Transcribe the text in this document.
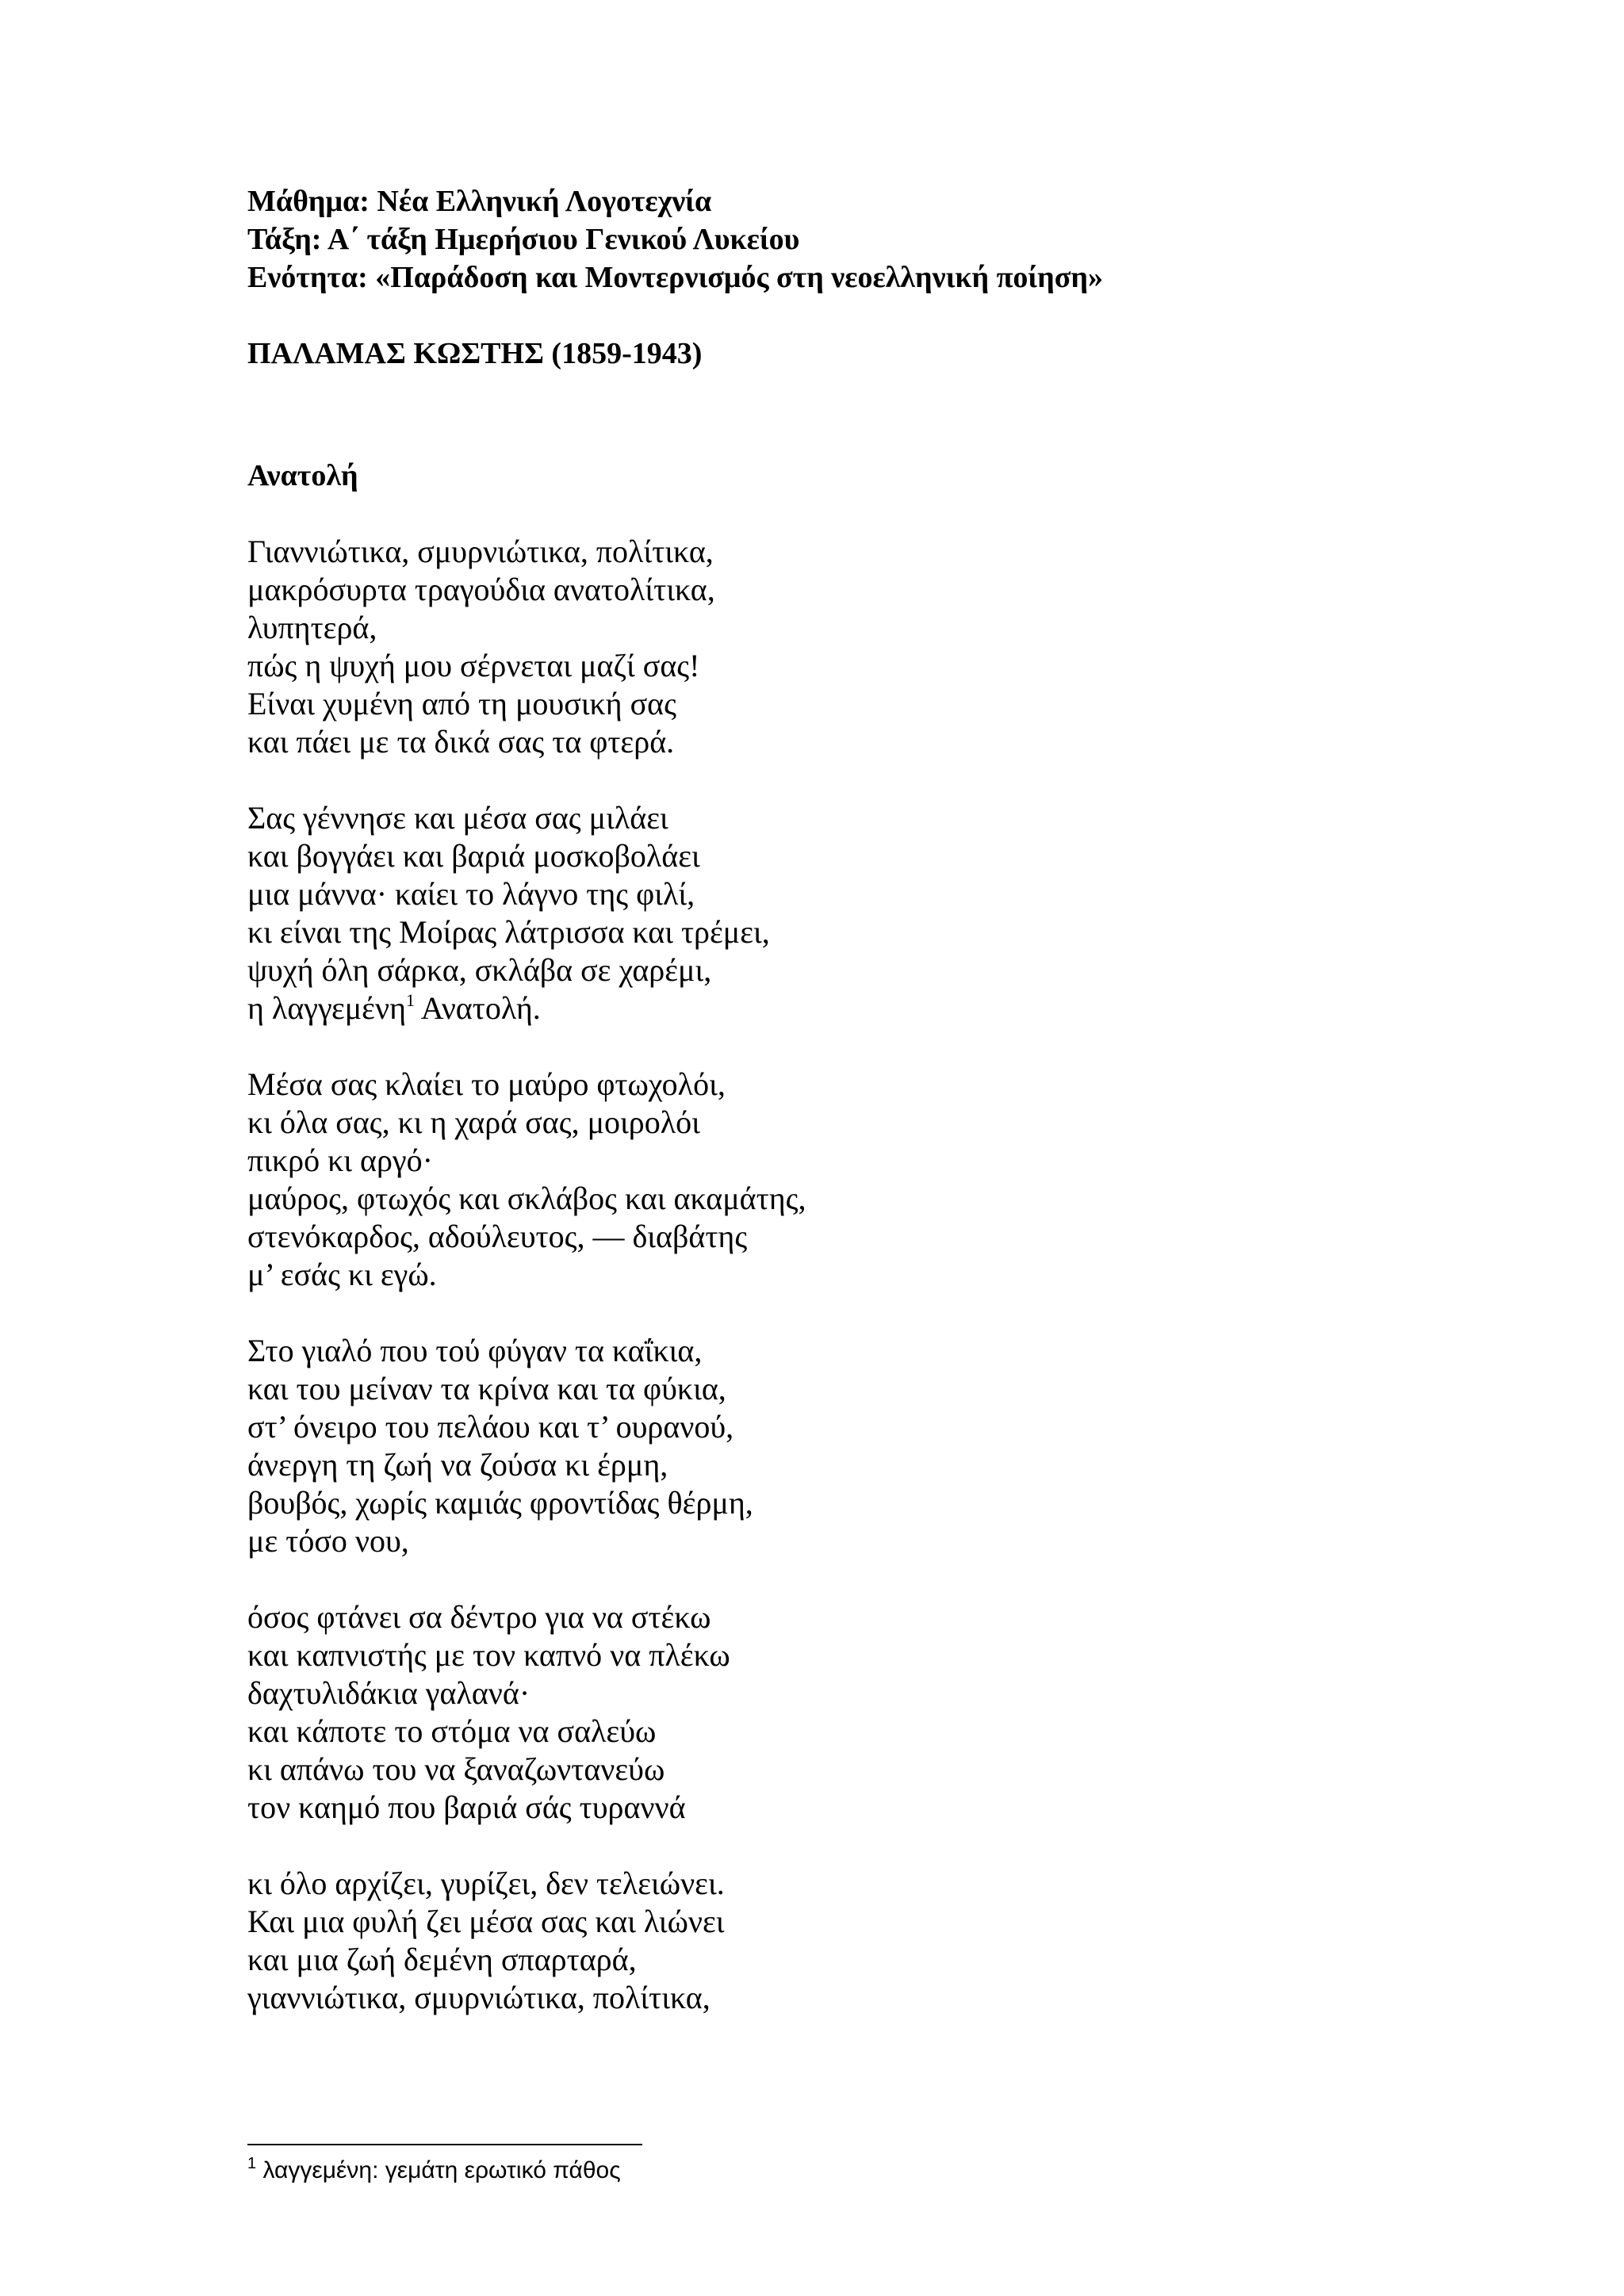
Μάθημα: Νέα Ελληνική Λογοτεχνία

Τάξη: Α΄ τάξη Ημερήσιου Γενικού Λυκείου

Ενότητα: «Παράδοση και Μοντερνισμός στη νεοελληνική ποίηση»

ΠΑΛΑΜΑΣ ΚΩΣΤΗΣ (1859-1943)

Ανατολή

Γιαννιώτικα, σμυρνιώτικα, πολίτικα,
μακρόσυρτα τραγούδια ανατολίτικα,
λυπητερά,
πώς η ψυχή μου σέρνεται μαζί σας!
Είναι χυμένη από τη μουσική σας
και πάει με τα δικά σας τα φτερά.
Σας γέννησε και μέσα σας μιλάει
και βογγάει και βαριά μοσκοβολάει
μια μάννα· καίει το λάγνο της φιλί,
κι είναι της Μοίρας λάτρισσα και τρέμει,
ψυχή όλη σάρκα, σκλάβα σε χαρέμι,
η λαγγεμένη$^1$ Ανατολή.
Μέσα σας κλαίει το μαύρο φτωχολόι,
κι όλα σας, κι η χαρά σας, μοιρολόι
πικρό κι αργό·
μαύρος, φτωχός και σκλάβος και ακαμάτης,
στενόκαρδος, αδούλευτος, — διαβάτης
μ’ εσάς κι εγώ.
Στο γιαλό που τού φύγαν τα καΐκια,
και του μείναν τα κρίνα και τα φύκια,
στ’ όνειρο του πελάου και τ’ ουρανού,
άνεργη τη ζωή να ζούσα κι έρμη,
βουβός, χωρίς καμιάς φροντίδας θέρμη,
με τόσο νου,
όσος φτάνει σα δέντρο για να στέκω
και καπνιστής με τον καπνό να πλέκω
δαχτυλιδάκια γαλανά·
και κάποτε το στόμα να σαλεύω
κι απάνω του να ξαναζωντανεύω
τον καημό που βαριά σάς τυραννά
κι όλο αρχίζει, γυρίζει, δεν τελειώνει.
Και μια φυλή ζει μέσα σας και λιώνει
και μια ζωή δεμένη σπαρταρά,
γιαννιώτικα, σμυρνιώτικα, πολίτικα,
$^1$ λαγγεμένη: γεμάτη ερωτικό πάθος
